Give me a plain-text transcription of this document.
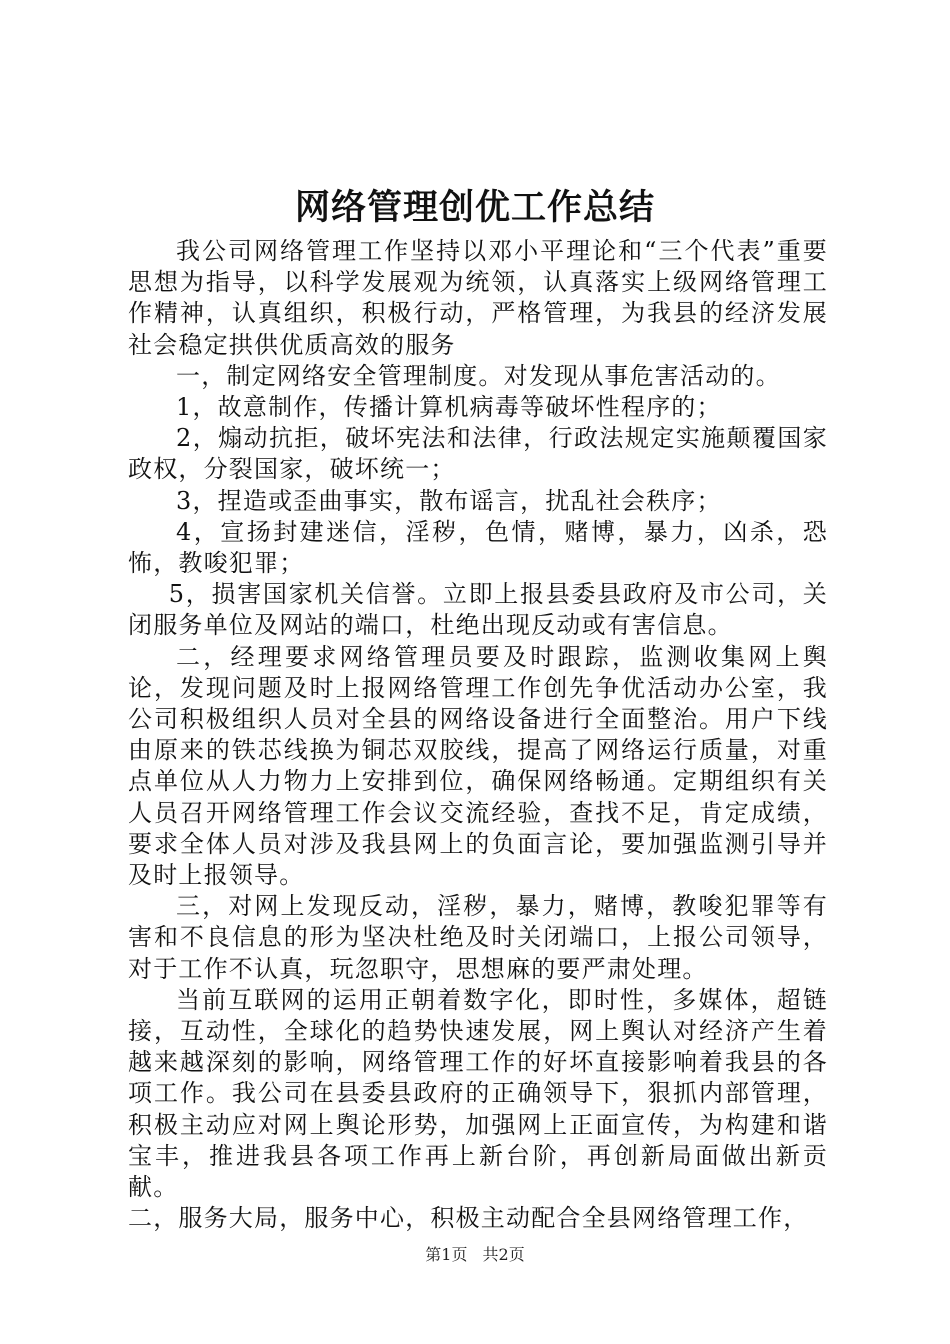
网络管理创优工作总结

我公司网络管理工作坚持以邓小平理论和“三个代表”重要思想为指导，以科学发展观为统领，认真落实上级网络管理工作精神，认真组织，积极行动，严格管理，为我县的经济发展社会稳定拱供优质高效的服务

一，制定网络安全管理制度。对发现从事危害活动的。

1，故意制作，传播计算机病毒等破坏性程序的；

2，煽动抗拒，破坏宪法和法律，行政法规定实施颠覆国家政权，分裂国家，破坏统一；

3，捏造或歪曲事实，散布谣言，扰乱社会秩序；

4，宣扬封建迷信，淫秽，色情，赌博，暴力，凶杀，恐怖，教唆犯罪；

5，损害国家机关信誉。立即上报县委县政府及市公司，关闭服务单位及网站的端口，杜绝出现反动或有害信息。

二，经理要求网络管理员要及时跟踪，监测收集网上舆论，发现问题及时上报网络管理工作创先争优活动办公室，我公司积极组织人员对全县的网络设备进行全面整治。用户下线由原来的铁芯线换为铜芯双胶线，提高了网络运行质量，对重点单位从人力物力上安排到位，确保网络畅通。定期组织有关人员召开网络管理工作会议交流经验，查找不足，肯定成绩，要求全体人员对涉及我县网上的负面言论，要加强监测引导并及时上报领导。

三，对网上发现反动，淫秽，暴力，赌博，教唆犯罪等有害和不良信息的形为坚决杜绝及时关闭端口，上报公司领导，对于工作不认真，玩忽职守，思想麻的要严肃处理。

当前互联网的运用正朝着数字化，即时性，多媒体，超链接，互动性，全球化的趋势快速发展，网上舆认对经济产生着越来越深刻的影响，网络管理工作的好坏直接影响着我县的各项工作。我公司在县委县政府的正确领导下，狠抓内部管理，积极主动应对网上舆论形势，加强网上正面宣传，为构建和谐宝丰，推进我县各项工作再上新台阶，再创新局面做出新贡献。

二，服务大局，服务中心，积极主动配合全县网络管理工作，

第1页 共2页
